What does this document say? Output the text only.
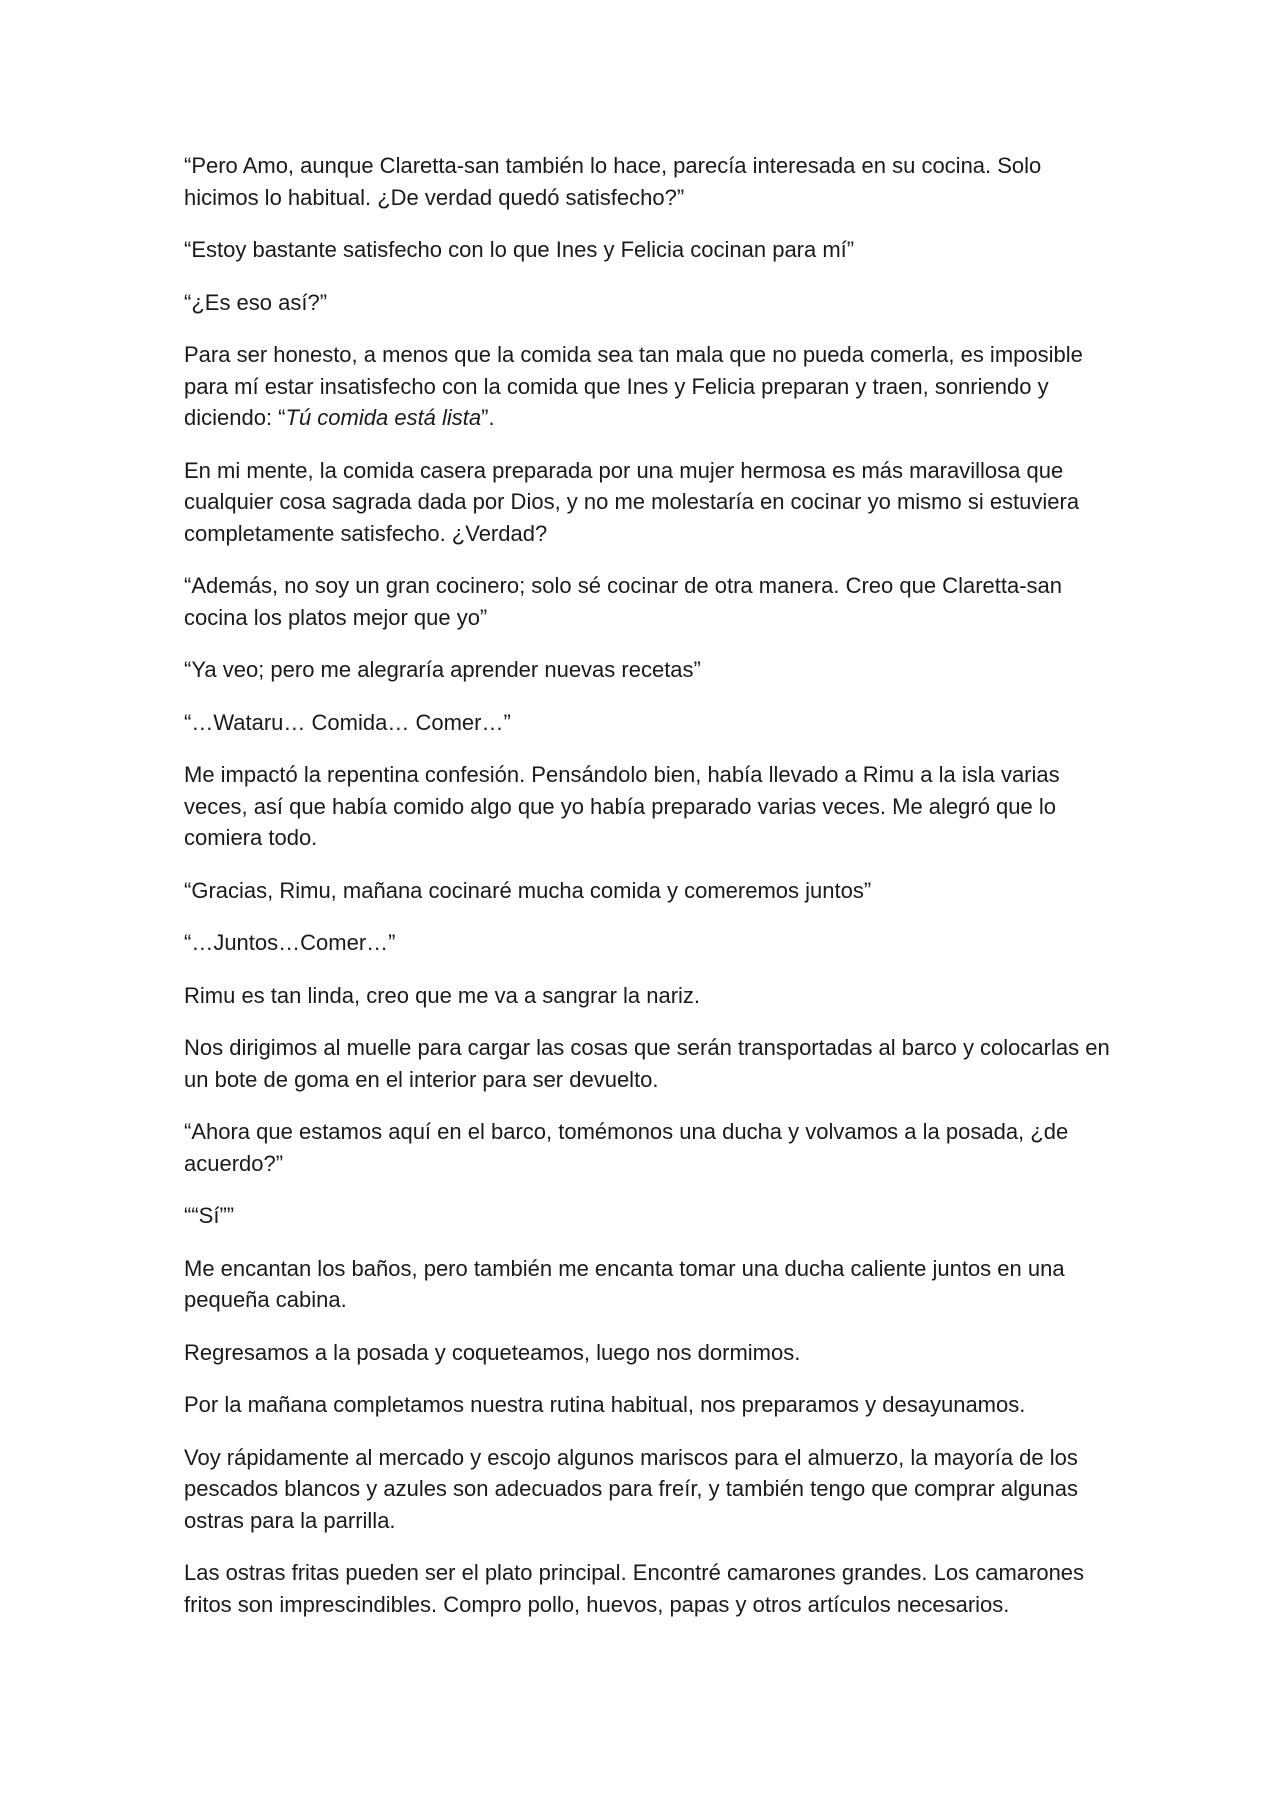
“Pero Amo, aunque Claretta-san también lo hace, parecía interesada en su cocina. Solo hicimos lo habitual. ¿De verdad quedó satisfecho?”

“Estoy bastante satisfecho con lo que Ines y Felicia cocinan para mí”

“¿Es eso así?”

Para ser honesto, a menos que la comida sea tan mala que no pueda comerla, es imposible para mí estar insatisfecho con la comida que Ines y Felicia preparan y traen, sonriendo y diciendo: “Tú comida está lista”.

En mi mente, la comida casera preparada por una mujer hermosa es más maravillosa que cualquier cosa sagrada dada por Dios, y no me molestaría en cocinar yo mismo si estuviera completamente satisfecho. ¿Verdad?

“Además, no soy un gran cocinero; solo sé cocinar de otra manera. Creo que Claretta-san cocina los platos mejor que yo”

“Ya veo; pero me alegraría aprender nuevas recetas”

“…Wataru… Comida… Comer…”

Me impactó la repentina confesión. Pensándolo bien, había llevado a Rimu a la isla varias veces, así que había comido algo que yo había preparado varias veces. Me alegró que lo comiera todo.

“Gracias, Rimu, mañana cocinaré mucha comida y comeremos juntos”

“…Juntos…Comer…”

Rimu es tan linda, creo que me va a sangrar la nariz.

Nos dirigimos al muelle para cargar las cosas que serán transportadas al barco y colocarlas en un bote de goma en el interior para ser devuelto.

“Ahora que estamos aquí en el barco, tomémonos una ducha y volvamos a la posada, ¿de acuerdo?”

““Sí””

Me encantan los baños, pero también me encanta tomar una ducha caliente juntos en una pequeña cabina.

Regresamos a la posada y coqueteamos, luego nos dormimos.

Por la mañana completamos nuestra rutina habitual, nos preparamos y desayunamos.

Voy rápidamente al mercado y escojo algunos mariscos para el almuerzo, la mayoría de los pescados blancos y azules son adecuados para freír, y también tengo que comprar algunas ostras para la parrilla.

Las ostras fritas pueden ser el plato principal. Encontré camarones grandes. Los camarones fritos son imprescindibles. Compro pollo, huevos, papas y otros artículos necesarios.
